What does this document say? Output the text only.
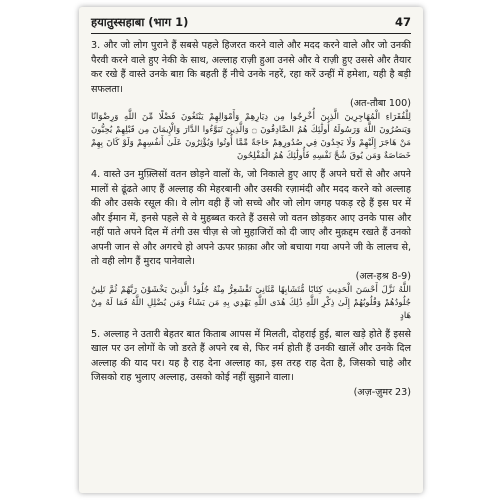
हयातुस्सहाबा (भाग 1)	47

3. और जो लोग पुराने हैं सबसे पहले हिजरत करने वाले और मदद करने वाले और जो उनकी पैरवी करने वाले हुए नेकी के साथ, अल्लाह राज़ी हुआ उनसे और वे राज़ी हुए उससे और तैयार कर रखे हैं वास्ते उनके बाग़ कि बहती हैं नीचे उनके नहरें, रहा करें उन्हीं में हमेशा, यही है बड़ी सफलता।

(अत-तौबा 100)

لِلْفُقَرَاءِ الْمُهَاجِرِينَ الَّذِينَ أُخْرِجُوا مِن دِيَارِهِمْ وَأَمْوَالِهِمْ يَبْتَغُونَ فَضْلًا مِّنَ اللَّهِ وَرِضْوَانًا وَيَنصُرُونَ اللَّهَ وَرَسُولَهُ أُولَٰئِكَ هُمُ الصَّادِقُونَ ۝ وَالَّذِينَ تَبَوَّءُوا الدَّارَ وَالْإِيمَانَ مِن قَبْلِهِمْ يُحِبُّونَ مَنْ هَاجَرَ إِلَيْهِمْ وَلَا يَجِدُونَ فِي صُدُورِهِمْ حَاجَةً مِّمَّا أُوتُوا وَيُؤْثِرُونَ عَلَىٰ أَنفُسِهِمْ وَلَوْ كَانَ بِهِمْ خَصَاصَةٌ وَمَن يُوقَ شُحَّ نَفْسِهِ فَأُولَٰئِكَ هُمُ الْمُفْلِحُونَ

4. वास्ते उन मुफ़्लिसों वतन छोड़ने वालों के, जो निकाले हुए आए हैं अपने घरों से और अपने मालों से ढूंढते आए हैं अल्लाह की मेहरबानी और उसकी रज़ामंदी और मदद करने को अल्लाह की और उसके रसूल की। वे लोग वही हैं जो सच्चे और जो लोग जगह पकड़ रहे हैं इस घर में और ईमान में, इनसे पहले से वे मुहब्बत करते हैं उससे जो वतन छोड़कर आए उनके पास और नहीं पाते अपने दिल में तंगी उस चीज़ से जो मुहाजिरों को दी जाए और मुक़द्दम रखते हैं उनको अपनी जान से और अगरचे हो अपने ऊपर फ़ाक़ा और जो बचाया गया अपने जी के लालच से, तो वही लोग हैं मुराद पानेवाले।

(अल-हश्र 8-9)

اللَّهُ نَزَّلَ أَحْسَنَ الْحَدِيثِ كِتَابًا مُّتَشَابِهًا مَّثَانِيَ تَقْشَعِرُّ مِنْهُ جُلُودُ الَّذِينَ يَخْشَوْنَ رَبَّهُمْ ثُمَّ تَلِينُ جُلُودُهُمْ وَقُلُوبُهُمْ إِلَىٰ ذِكْرِ اللَّهِ ذَٰلِكَ هُدَى اللَّهِ يَهْدِي بِهِ مَن يَشَاءُ وَمَن يُضْلِلِ اللَّهُ فَمَا لَهُ مِنْ هَادٍ

5. अल्लाह ने उतारी बेहतर बात किताब आपस में मिलती, दोहराई हुई, बाल खड़े होते हैं इससे खाल पर उन लोगों के जो डरते हैं अपने रब से, फिर नर्म होती हैं उनकी खालें और उनके दिल अल्लाह की याद पर। यह है राह देना अल्लाह का, इस तरह राह देता है, जिसको चाहे और जिसको राह भुलाए अल्लाह, उसको कोई नहीं सुझाने वाला।

(अज़-ज़ुमर 23)
